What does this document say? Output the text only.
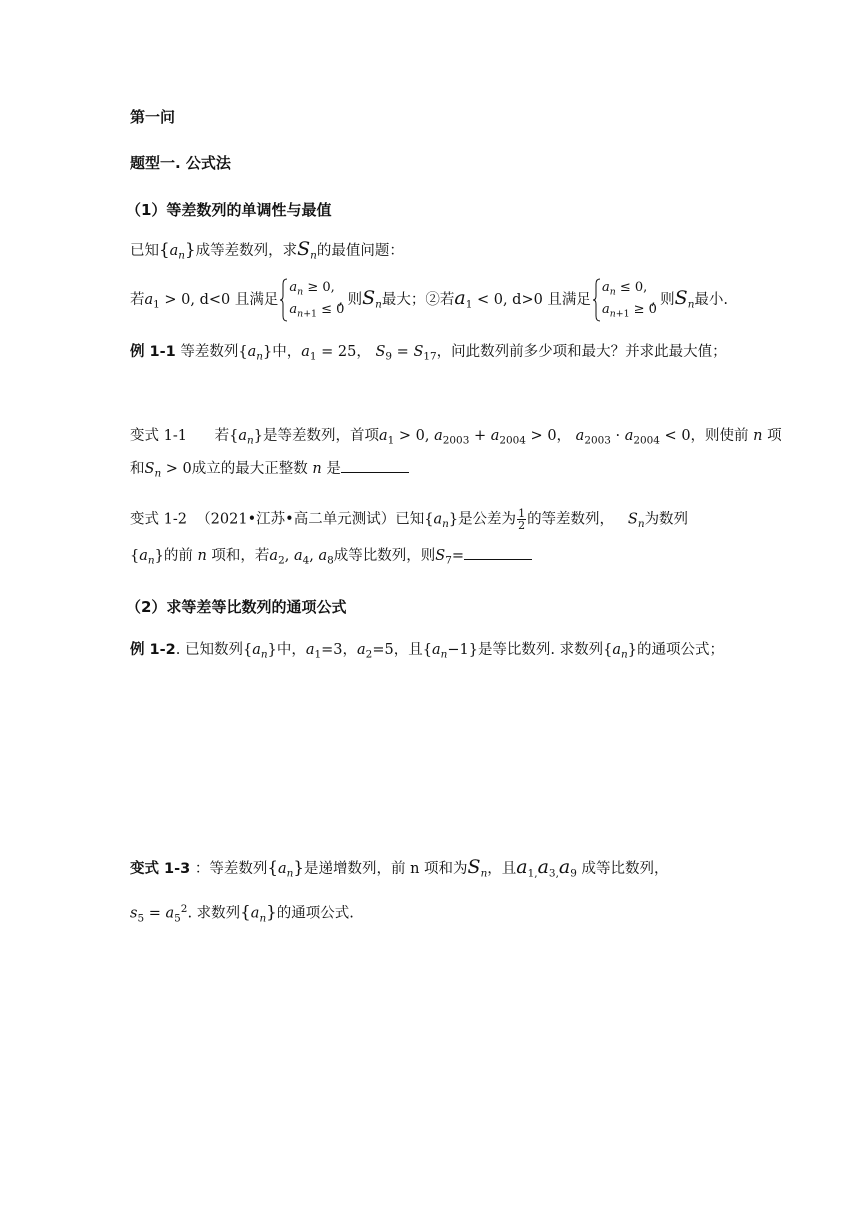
第一问
题型一. 公式法
（1）等差数列的单调性与最值
已知$\{a_n\}$成等差数列，求$S_n$的最值问题：
若$a_1 > 0$, d<0 且满足
$a_n \ge 0$,
$a_{n+1} \le 0$
, 则$S_n$最大；②若$a_1 < 0$, d>0 且满足
$a_n \le 0$,
$a_{n+1} \ge 0$
, 则$S_n$最小.
例 1-1 等差数列$\{a_n\}$中，$a_1 = 25$， $S_9 = S_{17}$，问此数列前多少项和最大？并求此最大值；
变式 1-1 若$\{a_n\}$是等差数列，首项$a_1 > 0$, $a_{2003} + a_{2004} > 0$， $a_{2003} \cdot a_{2004} < 0$，则使前 n 项
和$S_n > 0$成立的最大正整数 n 是
变式 1-2 （2021•江苏•高二单元测试）已知$\{a_n\}$是公差为 $\frac{1}{2}$ 的等差数列， $S_n$为数列
$\{a_n\}$的前 n 项和，若$a_2$, $a_4$, $a_8$成等比数列，则$S_7=$
（2）求等差等比数列的通项公式
例 1-2. 已知数列$\{a_n\}$中，$a_1=3$，$a_2=5$，且$\{a_n-1\}$是等比数列. 求数列$\{a_n\}$的通项公式；
变式 1-3 ：等差数列$\{a_n\}$是递增数列，前 n 项和为$S_n$，且$a_{1,}a_{3,}a_9$ 成等比数列，
$s_5 = a_5^2$. 求数列$\{a_n\}$的通项公式.
